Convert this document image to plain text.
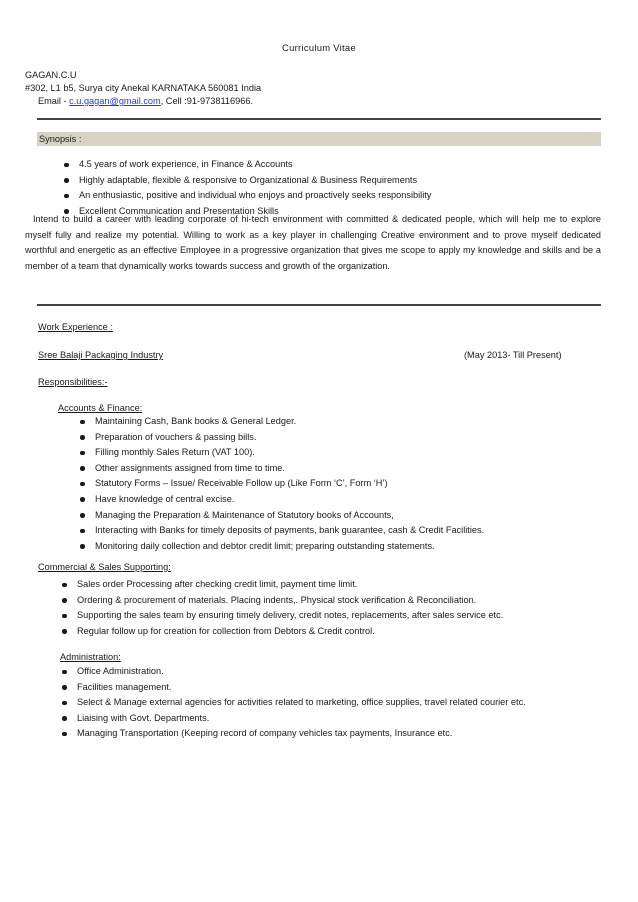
Curriculum Vitae
GAGAN.C.U
#302, L1 b5, Surya city Anekal KARNATAKA 560081 India
Email - c.u.gagan@gmail.com, Cell :91-9738116966.
Synopsis :
4.5 years of work experience, in Finance & Accounts
Highly adaptable, flexible & responsive to Organizational & Business Requirements
An enthusiastic, positive and individual who enjoys and proactively seeks responsibility
Excellent Communication and Presentation Skills

Intend to build a career with leading corporate of hi-tech environment with committed & dedicated people, which will help me to explore myself fully and realize my potential. Willing to work as a key player in challenging Creative environment and to prove myself dedicated worthful and energetic as an effective Employee in a progressive organization that gives me scope to apply my knowledge and skills and be a member of a team that dynamically works towards success and growth of the organization.

Work Experience :
Sree Balaji Packaging Industry	(May 2013- Till Present)
Responsibilities:-
Accounts & Finance:
Maintaining Cash, Bank books & General Ledger.
Preparation of vouchers & passing bills.
Filling monthly Sales Return (VAT 100).
Other assignments assigned from time to time.
Statutory Forms – Issue/ Receivable Follow up (Like Form ‘C’, Form ‘H’)
Have knowledge of central excise.
Managing the Preparation & Maintenance of Statutory books of Accounts,
Interacting with Banks for timely deposits of payments, bank guarantee, cash & Credit Facilities.
Monitoring daily collection and debtor credit limit; preparing outstanding statements.
Commercial & Sales Supporting:
Sales order Processing after checking credit limit, payment time limit.
Ordering & procurement of materials. Placing indents,. Physical stock verification & Reconciliation.
Supporting the sales team by ensuring timely delivery, credit notes, replacements, after sales service etc.
Regular follow up for creation for collection from Debtors & Credit control.
Administration:
Office Administration.
Facilities management.
Select & Manage external agencies for activities related to marketing, office supplies, travel related courier etc.
Liaising with Govt. Departments.
Managing Transportation (Keeping record of company vehicles tax payments, Insurance etc.
